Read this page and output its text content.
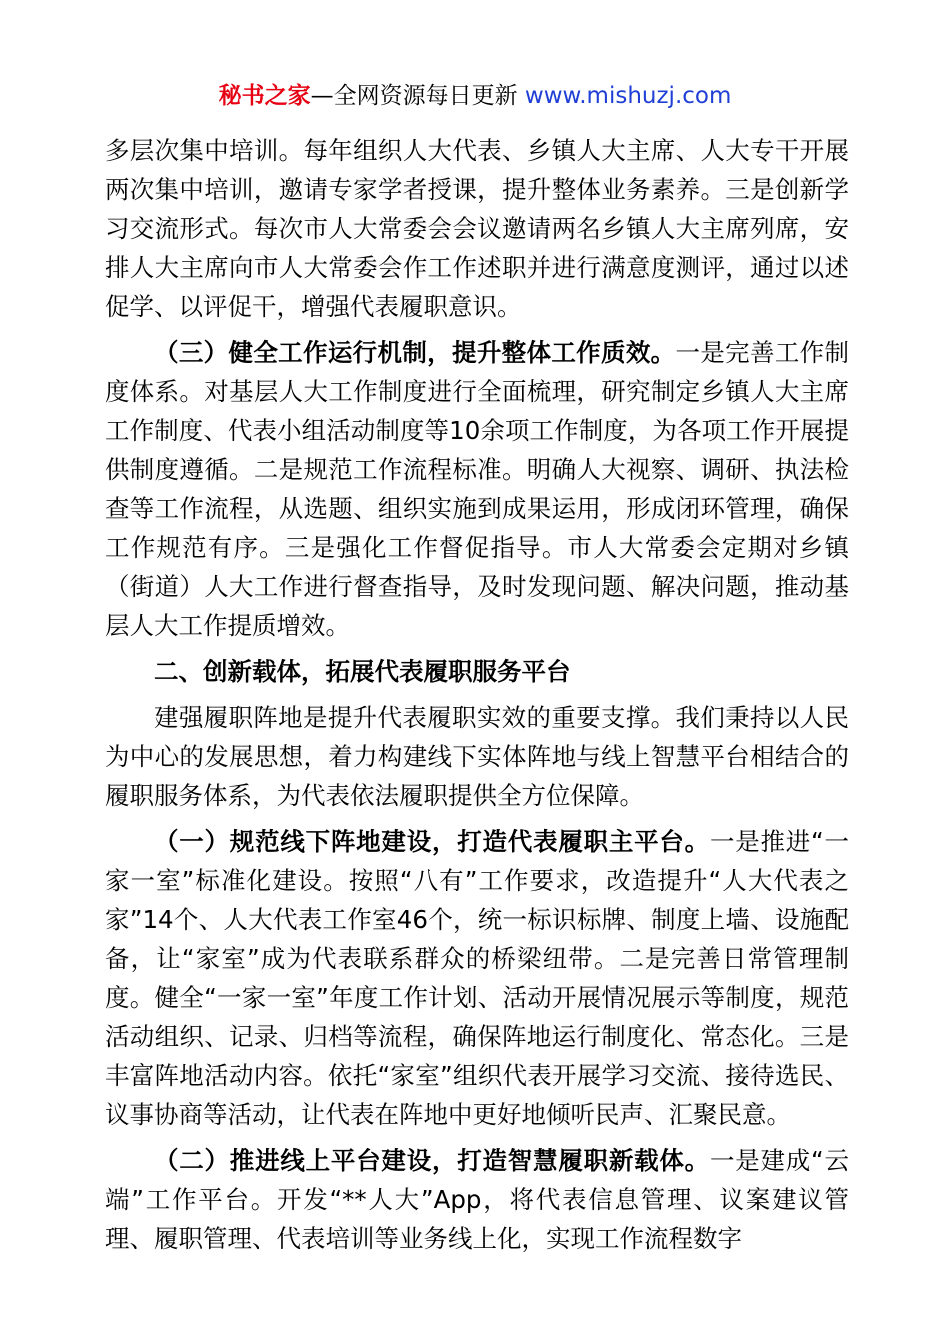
秘书之家—全网资源每日更新 www.mishuzj.com

多层次集中培训。每年组织人大代表、乡镇人大主席、人大专干开展两次集中培训，邀请专家学者授课，提升整体业务素养。三是创新学习交流形式。每次市人大常委会会议邀请两名乡镇人大主席列席，安排人大主席向市人大常委会作工作述职并进行满意度测评，通过以述促学、以评促干，增强代表履职意识。

（三）健全工作运行机制，提升整体工作质效。一是完善工作制度体系。对基层人大工作制度进行全面梳理，研究制定乡镇人大主席工作制度、代表小组活动制度等10余项工作制度，为各项工作开展提供制度遵循。二是规范工作流程标准。明确人大视察、调研、执法检查等工作流程，从选题、组织实施到成果运用，形成闭环管理，确保工作规范有序。三是强化工作督促指导。市人大常委会定期对乡镇（街道）人大工作进行督查指导，及时发现问题、解决问题，推动基层人大工作提质增效。

二、创新载体，拓展代表履职服务平台

建强履职阵地是提升代表履职实效的重要支撑。我们秉持以人民为中心的发展思想，着力构建线下实体阵地与线上智慧平台相结合的履职服务体系，为代表依法履职提供全方位保障。

（一）规范线下阵地建设，打造代表履职主平台。一是推进“一家一室”标准化建设。按照“八有”工作要求，改造提升“人大代表之家”14个、人大代表工作室46个，统一标识标牌、制度上墙、设施配备，让“家室”成为代表联系群众的桥梁纽带。二是完善日常管理制度。健全“一家一室”年度工作计划、活动开展情况展示等制度，规范活动组织、记录、归档等流程，确保阵地运行制度化、常态化。三是丰富阵地活动内容。依托“家室”组织代表开展学习交流、接待选民、议事协商等活动，让代表在阵地中更好地倾听民声、汇聚民意。

（二）推进线上平台建设，打造智慧履职新载体。一是建成“云端”工作平台。开发“**人大”App，将代表信息管理、议案建议管理、履职管理、代表培训等业务线上化，实现工作流程数字
